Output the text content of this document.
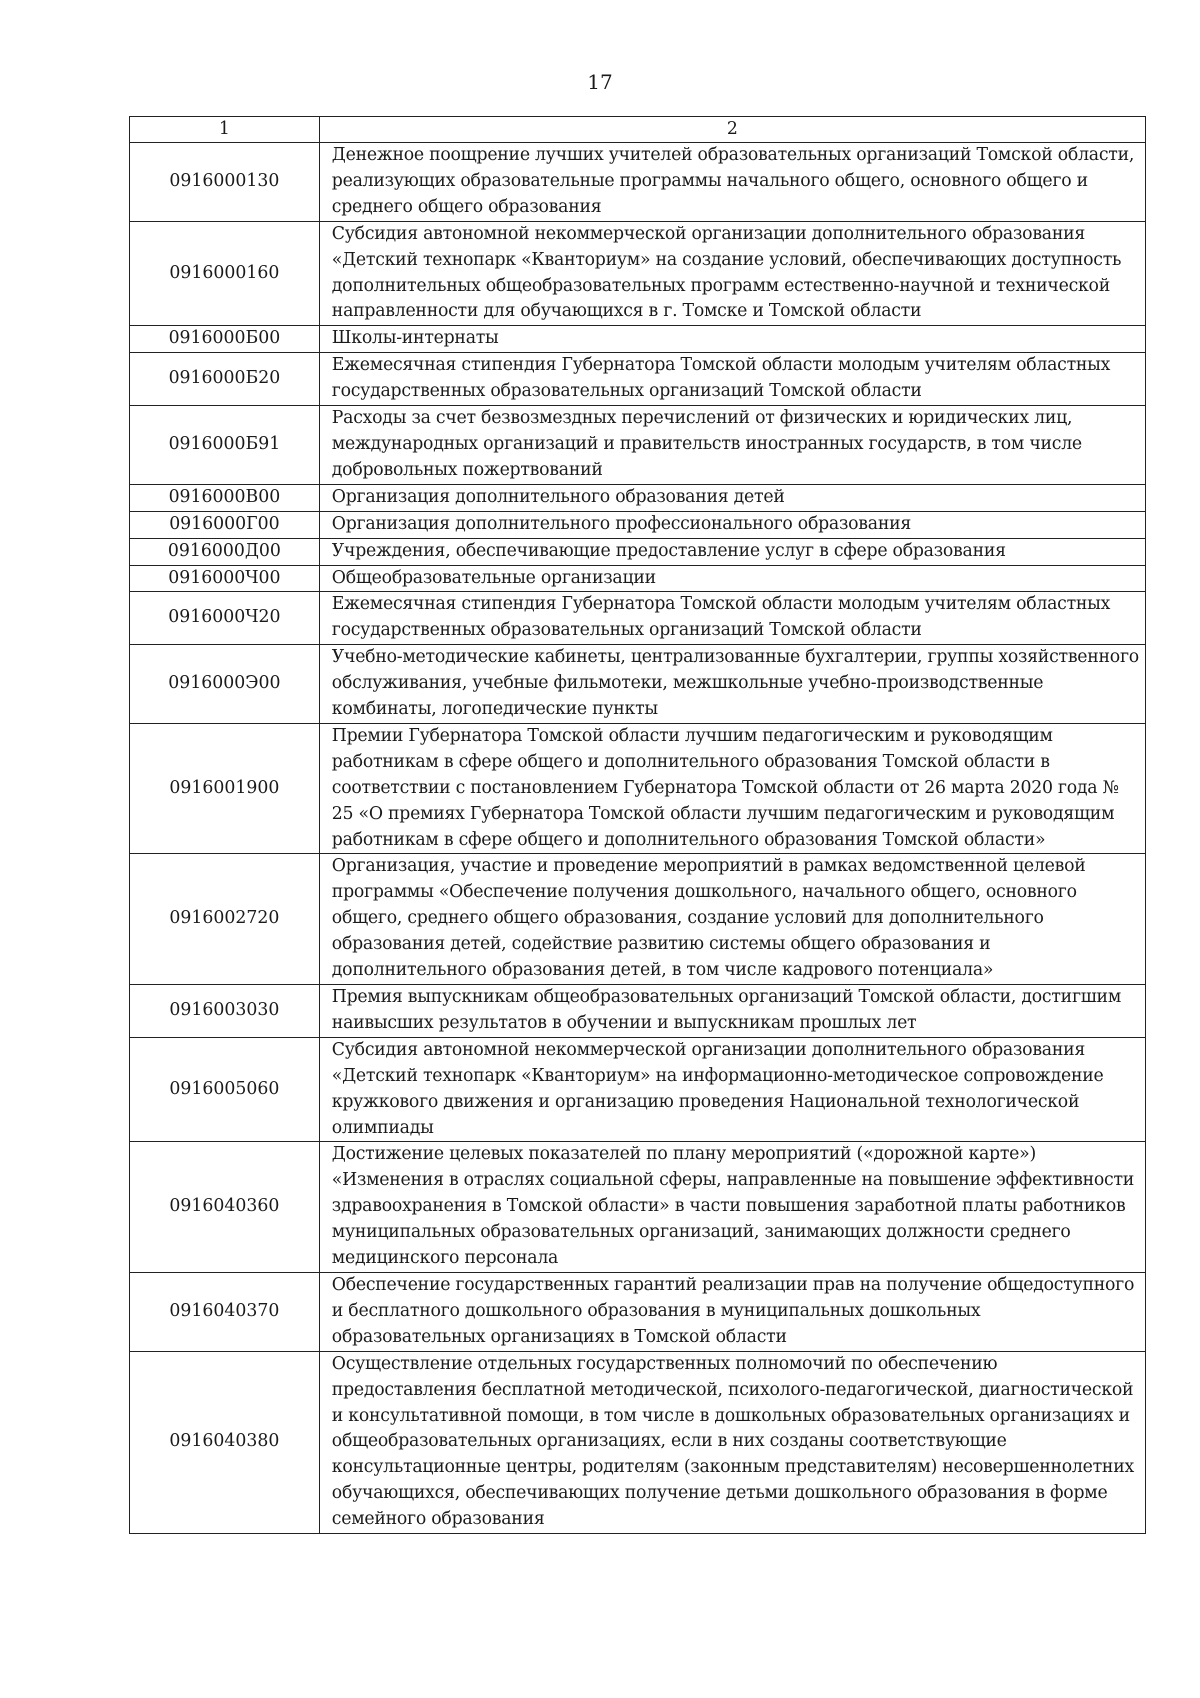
17
1	2
0916000130	Денежное поощрение лучших учителей образовательных организаций Томской области, реализующих образовательные программы начального общего, основного общего и среднего общего образования
0916000160	Субсидия автономной некоммерческой организации дополнительного образования «Детский технопарк «Кванториум» на создание условий, обеспечивающих доступность дополнительных общеобразовательных программ естественно-научной и технической направленности для обучающихся в г. Томске и Томской области
0916000Б00	Школы-интернаты
0916000Б20	Ежемесячная стипендия Губернатора Томской области молодым учителям областных государственных образовательных организаций Томской области
0916000Б91	Расходы за счет безвозмездных перечислений от физических и юридических лиц, международных организаций и правительств иностранных государств, в том числе добровольных пожертвований
0916000В00	Организация дополнительного образования детей
0916000Г00	Организация дополнительного профессионального образования
0916000Д00	Учреждения, обеспечивающие предоставление услуг в сфере образования
0916000Ч00	Общеобразовательные организации
0916000Ч20	Ежемесячная стипендия Губернатора Томской области молодым учителям областных государственных образовательных организаций Томской области
0916000Э00	Учебно-методические кабинеты, централизованные бухгалтерии, группы хозяйственного обслуживания, учебные фильмотеки, межшкольные учебно-производственные комбинаты, логопедические пункты
0916001900	Премии Губернатора Томской области лучшим педагогическим и руководящим работникам в сфере общего и дополнительного образования Томской области в соответствии с постановлением Губернатора Томской области от 26 марта 2020 года № 25 «О премиях Губернатора Томской области лучшим педагогическим и руководящим работникам в сфере общего и дополнительного образования Томской области»
0916002720	Организация, участие и проведение мероприятий в рамках ведомственной целевой программы «Обеспечение получения дошкольного, начального общего, основного общего, среднего общего образования, создание условий для дополнительного образования детей, содействие развитию системы общего образования и дополнительного образования детей, в том числе кадрового потенциала»
0916003030	Премия выпускникам общеобразовательных организаций Томской области, достигшим наивысших результатов в обучении и выпускникам прошлых лет
0916005060	Субсидия автономной некоммерческой организации дополнительного образования «Детский технопарк «Кванториум» на информационно-методическое сопровождение кружкового движения и организацию проведения Национальной технологической олимпиады
0916040360	Достижение целевых показателей по плану мероприятий («дорожной карте») «Изменения в отраслях социальной сферы, направленные на повышение эффективности здравоохранения в Томской области» в части повышения заработной платы работников муниципальных образовательных организаций, занимающих должности среднего медицинского персонала
0916040370	Обеспечение государственных гарантий реализации прав на получение общедоступного и бесплатного дошкольного образования в муниципальных дошкольных образовательных организациях в Томской области
0916040380	Осуществление отдельных государственных полномочий по обеспечению предоставления бесплатной методической, психолого-педагогической, диагностической и консультативной помощи, в том числе в дошкольных образовательных организациях и общеобразовательных организациях, если в них созданы соответствующие консультационные центры, родителям (законным представителям) несовершеннолетних обучающихся, обеспечивающих получение детьми дошкольного образования в форме семейного образования
